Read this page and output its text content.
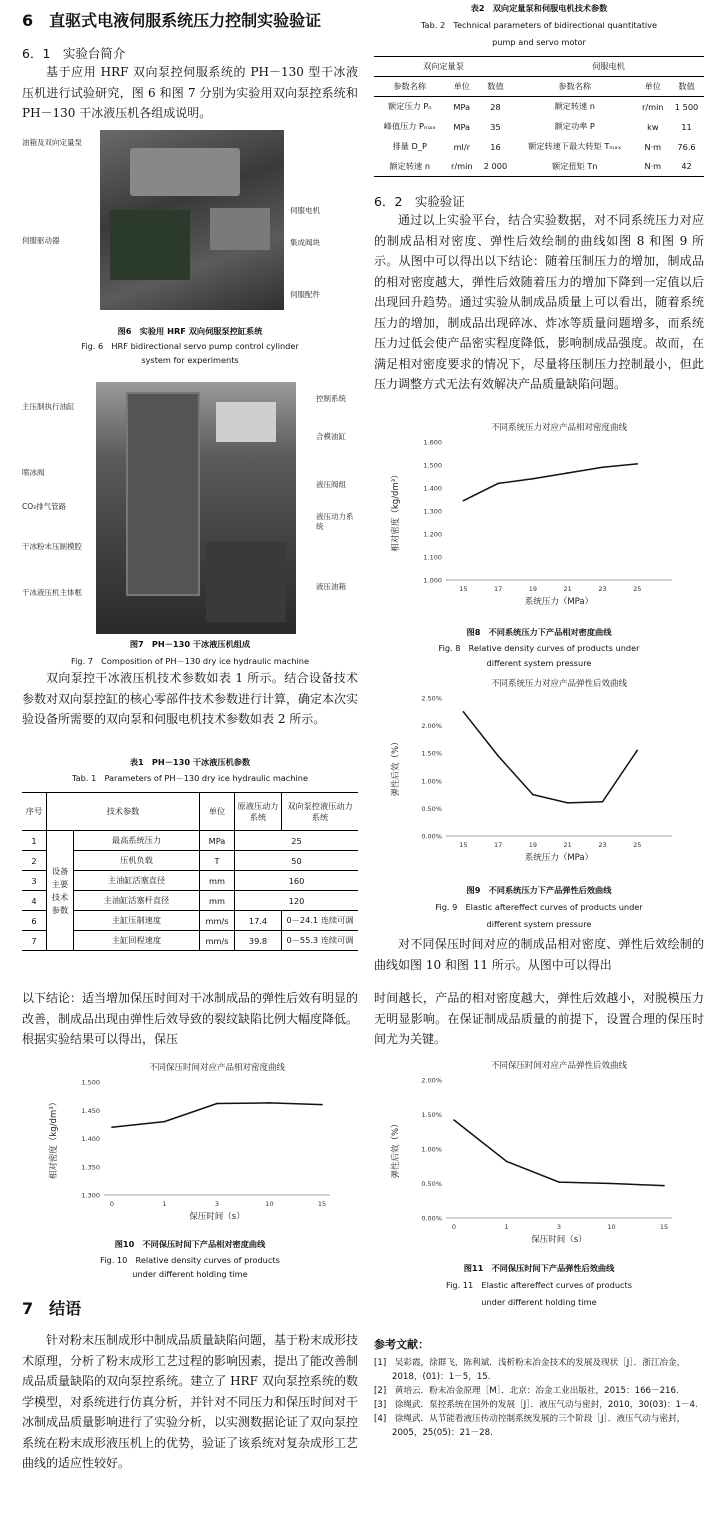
6　直驱式电液伺服系统压力控制实验验证
6．1　实验台简介

基于应用 HRF 双向泵控伺服系统的 PH－130 型干冰液压机进行试验研究，图 6 和图 7 分别为实验用双向泵控系统和 PH－130 干冰液压机各组成说明。

油箱及双向定量泵
伺服驱动器
伺服电机
集成阀块
伺服配件
图6　实验用 HRF 双向伺服泵控缸系统
Fig. 6　HRF bidirectional servo pump control cylinder
system for experiments
主压制执行油缸
喷冰阀
CO₂排气管路
干冰粉末压制模腔
干冰液压机主体框
控制系统
合模油缸
液压阀组
液压动力系统
液压油箱
图7　PH－130 干冰液压机组成
Fig. 7　Composition of PH－130 dry ice hydraulic machine

双向泵控干冰液压机技术参数如表 1 所示。结合设备技术参数对双向泵控缸的核心零部件技术参数进行计算，确定本次实验设备所需要的双向泵和伺服电机技术参数如表 2 所示。

表1　PH－130 干冰液压机参数
Tab. 1　Parameters of PH－130 dry ice hydraulic machine
序号	技术参数		单位	原液压动力系统	双向泵控液压动力系统
1	设备主要技术参数	最高系统压力	MPa	25	
2		压机负载	T	50	
3		主油缸活塞直径	mm	160	
4		主油缸活塞杆直径	mm	120	
6		主缸压制速度	mm/s	17.4	0－24.1 连续可调
7		主缸回程速度	mm/s	39.8	0－55.3 连续可调

以下结论：适当增加保压时间对干冰制成品的弹性后效有明显的改善，制成品出现由弹性后效导致的裂纹缺陷比例大幅度降低。根据实验结果可以得出，保压

不同保压时间对应产品相对密度曲线
1.300
1.350
1.400
1.450
1.500
0	1	3	10	15
保压时间（s）
相对密度（kg/dm³）
图10　不同保压时间下产品相对密度曲线
Fig. 10　Relative density curves of products
under different holding time
7　结语

针对粉末压制成形中制成品质量缺陷问题，基于粉末成形技术原理，分析了粉末成形工艺过程的影响因素，提出了能改善制成品质量缺陷的双向泵控系统。建立了 HRF 双向泵控系统的数学模型，对系统进行仿真分析，并针对不同压力和保压时间对干冰制成品质量影响进行了实验分析，以实测数据论证了双向泵控系统在粉末成形液压机上的优势，验证了该系统对复杂成形工艺曲线的适应性较好。

表2　双向定量泵和伺服电机技术参数
Tab. 2　Technical parameters of bidirectional quantitative
pump and servo motor
双向定量泵			伺服电机		
参数名称	单位	数值	参数名称	单位	数值
额定压力 Pₙ	MPa	28	额定转速 n	r/min	1 500
峰值压力 Pₘₐₓ	MPa	35	额定功率 P	kw	11
排量 D_P	ml/r	16	额定转速下最大转矩 Tₘₐₓ	N·m	76.6
额定转速 n	r/min	2 000	额定扭矩 Tn	N·m	42
6．2　实验验证

通过以上实验平台，结合实验数据，对不同系统压力对应的制成品相对密度、弹性后效绘制的曲线如图 8 和图 9 所示。从图中可以得出以下结论：随着压制压力的增加，制成品的相对密度越大，弹性后效随着压力的增加下降到一定值以后出现回升趋势。通过实验从制成品质量上可以看出，随着系统压力的增加，制成品出现碎冰、炸冰等质量问题增多，而系统压力过低会使产品密实程度降低，影响制成品强度。故而，在满足相对密度要求的情况下，尽量将压制压力控制最小，但此压力调整方式无法有效解决产品质量缺陷问题。

不同系统压力对应产品相对密度曲线
1.000
1.100
1.200
1.300
1.400
1.500
1.600
15	17	19	21	23	25
系统压力（MPa）
相对密度（kg/dm³）
图8　不同系统压力下产品相对密度曲线
Fig. 8　Relative density curves of products under
different system pressure
不同系统压力对应产品弹性后效曲线
0.00%
0.50%
1.00%
1.50%
2.00%
2.50%
15	17	19	21	23	25
系统压力（MPa）
弹性后效（%）
图9　不同系统压力下产品弹性后效曲线
Fig. 9　Elastic aftereffect curves of products under
different system pressure

对不同保压时间对应的制成品相对密度、弹性后效绘制的曲线如图 10 和图 11 所示。从图中可以得出

时间越长，产品的相对密度越大，弹性后效越小，对脱模压力无明显影响。在保证制成品质量的前提下，设置合理的保压时间尤为关键。

不同保压时间对应产品弹性后效曲线
0.00%
0.50%
1.00%
1.50%
2.00%
0	1	3	10	15
保压时间（s）
弹性后效（%）
图11　不同保压时间下产品弹性后效曲线
Fig. 11　Elastic aftereffect curves of products
under different holding time
参考文献：

[1]　吴彩霞，徐群飞，陈利斌．浅析粉末冶金技术的发展及现状［J］．浙江冶金，2018，(01)：1－5，15.

[2]　黄培云．粉末冶金原理［M］．北京：冶金工业出版社，2015：166－216.

[3]　徐绳武．泵控系统在国外的发展［J］．液压气动与密封，2010，30(03)：1－4.

[4]　徐绳武．从节能看液压传动控制系统发展的三个阶段［J］．液压气动与密封，2005，25(05)：21－28.
